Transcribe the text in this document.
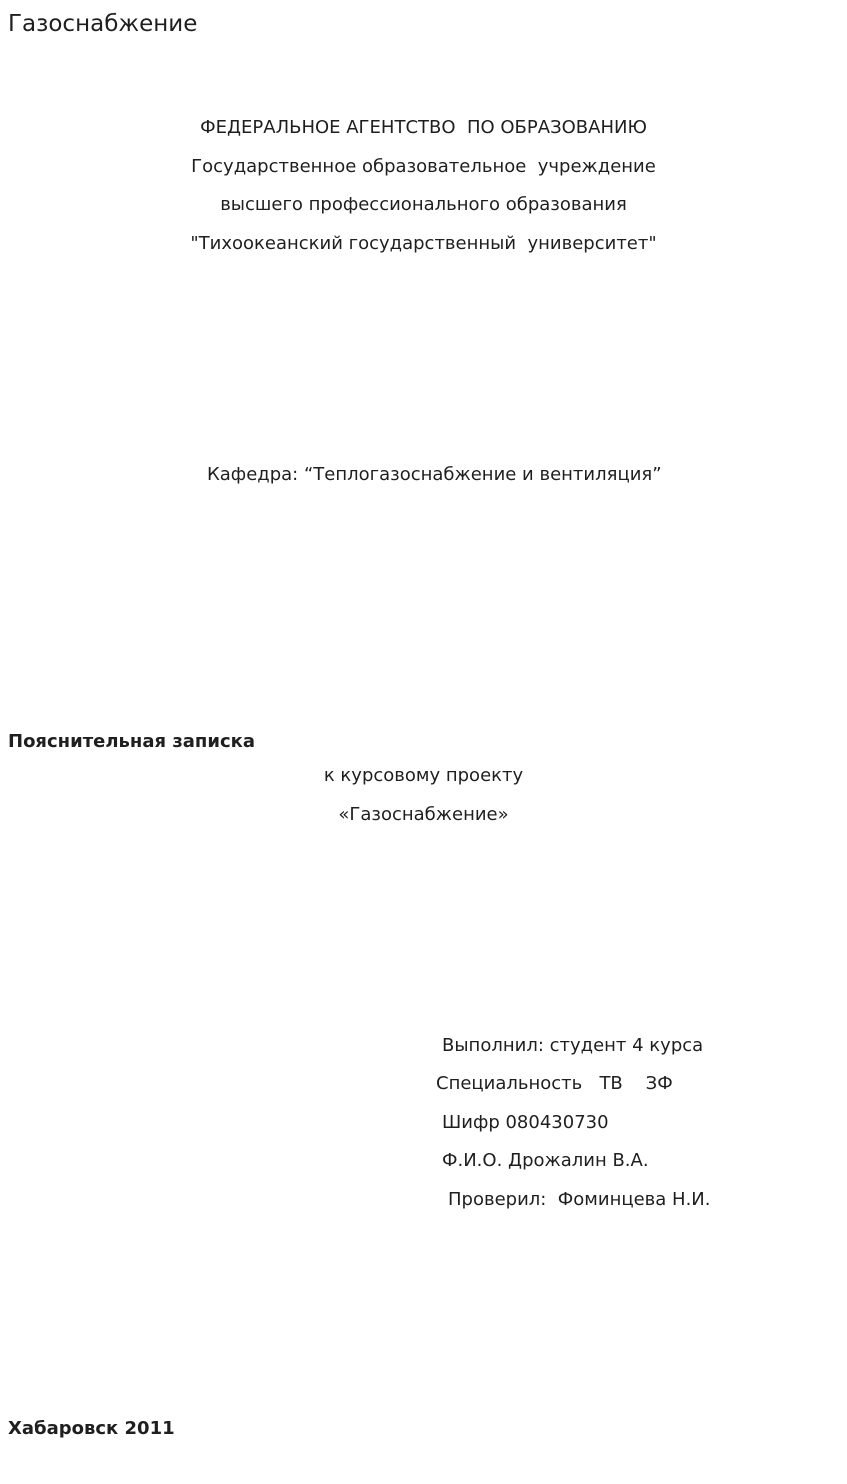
Газоснабжение
ФЕДЕРАЛЬНОЕ АГЕНТСТВО  ПО ОБРАЗОВАНИЮ
Государственное образовательное  учреждение
высшего профессионального образования
"Тихоокеанский государственный  университет"
Кафедра: “Теплогазоснабжение и вентиляция”
Пояснительная записка
к курсовому проекту
«Газоснабжение»
Выполнил: студент 4 курса
Специальность   ТВ    ЗФ
Шифр 080430730
Ф.И.О. Дрожалин В.А.
Проверил:  Фоминцева Н.И.
Хабаровск 2011
